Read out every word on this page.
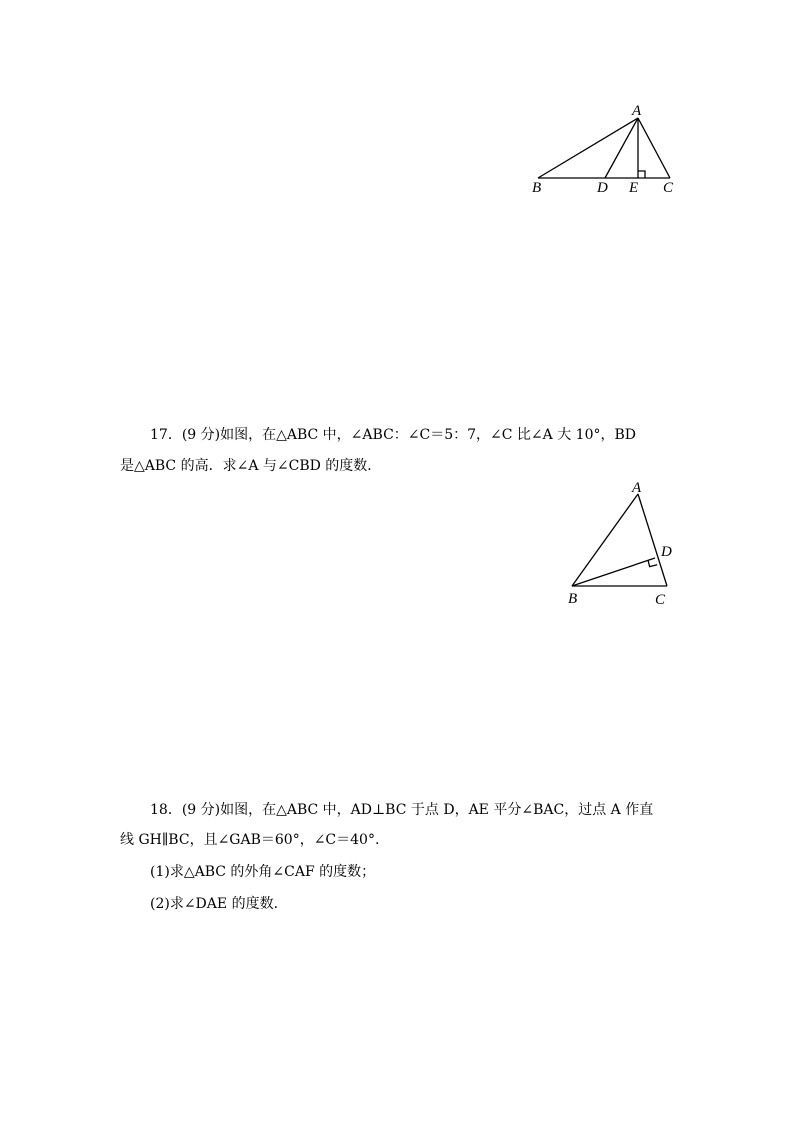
A
B	D E C
17．(9 分)如图，在△ABC 中，∠ABC：∠C＝5：7，∠C 比∠A 大 10°，BD
是△ABC 的高．求∠A 与∠CBD 的度数．
A
B	C
D
18．(9 分)如图，在△ABC 中，AD⊥BC 于点 D，AE 平分∠BAC，过点 A 作直
线 GH∥BC，且∠GAB＝60°，∠C＝40°.
(1)求△ABC 的外角∠CAF 的度数；
(2)求∠DAE 的度数．
